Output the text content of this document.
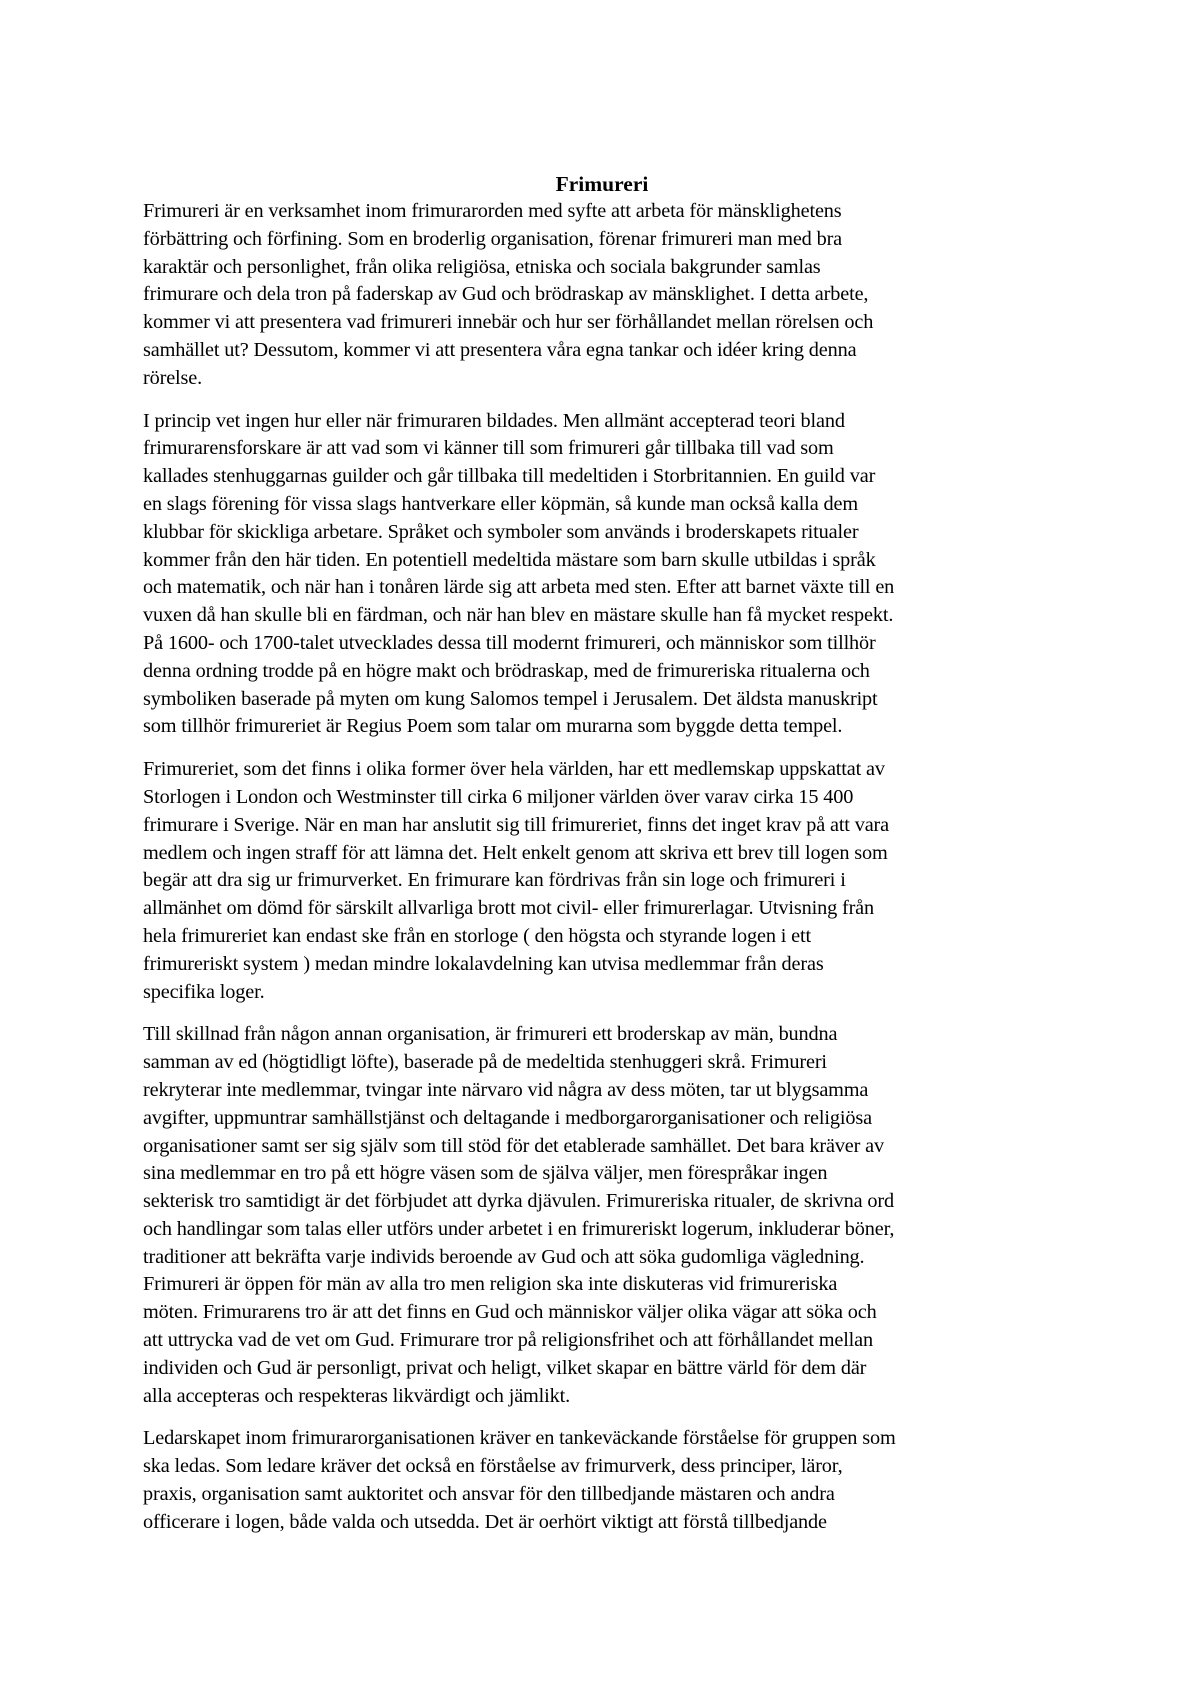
Frimureri

Frimureri är en verksamhet inom frimurarorden med syfte att arbeta för mänsklighetens
förbättring och förfining. Som en broderlig organisation, förenar frimureri man med bra
karaktär och personlighet, från olika religiösa, etniska och sociala bakgrunder samlas
frimurare och dela tron på faderskap av Gud och brödraskap av mänsklighet. I detta arbete,
kommer vi att presentera vad frimureri innebär och hur ser förhållandet mellan rörelsen och
samhället ut? Dessutom, kommer vi att presentera våra egna tankar och idéer kring denna
rörelse.

I princip vet ingen hur eller när frimuraren bildades. Men allmänt accepterad teori bland
frimurarensforskare är att vad som vi känner till som frimureri går tillbaka till vad som
kallades stenhuggarnas guilder och går tillbaka till medeltiden i Storbritannien. En guild var
en slags förening för vissa slags hantverkare eller köpmän, så kunde man också kalla dem
klubbar för skickliga arbetare. Språket och symboler som används i broderskapets ritualer
kommer från den här tiden. En potentiell medeltida mästare som barn skulle utbildas i språk
och matematik, och när han i tonåren lärde sig att arbeta med sten. Efter att barnet växte till en
vuxen då han skulle bli en färdman, och när han blev en mästare skulle han få mycket respekt.
På 1600- och 1700-talet utvecklades dessa till modernt frimureri, och människor som tillhör
denna ordning trodde på en högre makt och brödraskap, med de frimureriska ritualerna och
symboliken baserade på myten om kung Salomos tempel i Jerusalem. Det äldsta manuskript
som tillhör frimureriet är Regius Poem som talar om murarna som byggde detta tempel.

Frimureriet, som det finns i olika former över hela världen, har ett medlemskap uppskattat av
Storlogen i London och Westminster till cirka 6 miljoner världen över varav cirka 15 400
frimurare i Sverige. När en man har anslutit sig till frimureriet, finns det inget krav på att vara
medlem och ingen straff för att lämna det. Helt enkelt genom att skriva ett brev till logen som
begär att dra sig ur frimurverket. En frimurare kan fördrivas från sin loge och frimureri i
allmänhet om dömd för särskilt allvarliga brott mot civil- eller frimurerlagar. Utvisning från
hela frimureriet kan endast ske från en storloge ( den högsta och styrande logen i ett
frimureriskt system ) medan mindre lokalavdelning kan utvisa medlemmar från deras
specifika loger.

Till skillnad från någon annan organisation, är frimureri ett broderskap av män, bundna
samman av ed (högtidligt löfte), baserade på de medeltida stenhuggeri skrå. Frimureri
rekryterar inte medlemmar, tvingar inte närvaro vid några av dess möten, tar ut blygsamma
avgifter, uppmuntrar samhällstjänst och deltagande i medborgarorganisationer och religiösa
organisationer samt ser sig själv som till stöd för det etablerade samhället. Det bara kräver av
sina medlemmar en tro på ett högre väsen som de själva väljer, men förespråkar ingen
sekterisk tro samtidigt är det förbjudet att dyrka djävulen. Frimureriska ritualer, de skrivna ord
och handlingar som talas eller utförs under arbetet i en frimureriskt logerum, inkluderar böner,
traditioner att bekräfta varje individs beroende av Gud och att söka gudomliga vägledning.
Frimureri är öppen för män av alla tro men religion ska inte diskuteras vid frimureriska
möten. Frimurarens tro är att det finns en Gud och människor väljer olika vägar att söka och
att uttrycka vad de vet om Gud. Frimurare tror på religionsfrihet och att förhållandet mellan
individen och Gud är personligt, privat och heligt, vilket skapar en bättre värld för dem där
alla accepteras och respekteras likvärdigt och jämlikt.

Ledarskapet inom frimurarorganisationen kräver en tankeväckande förståelse för gruppen som
ska ledas. Som ledare kräver det också en förståelse av frimurverk, dess principer, läror,
praxis, organisation samt auktoritet och ansvar för den tillbedjande mästaren och andra
officerare i logen, både valda och utsedda. Det är oerhört viktigt att förstå tillbedjande
